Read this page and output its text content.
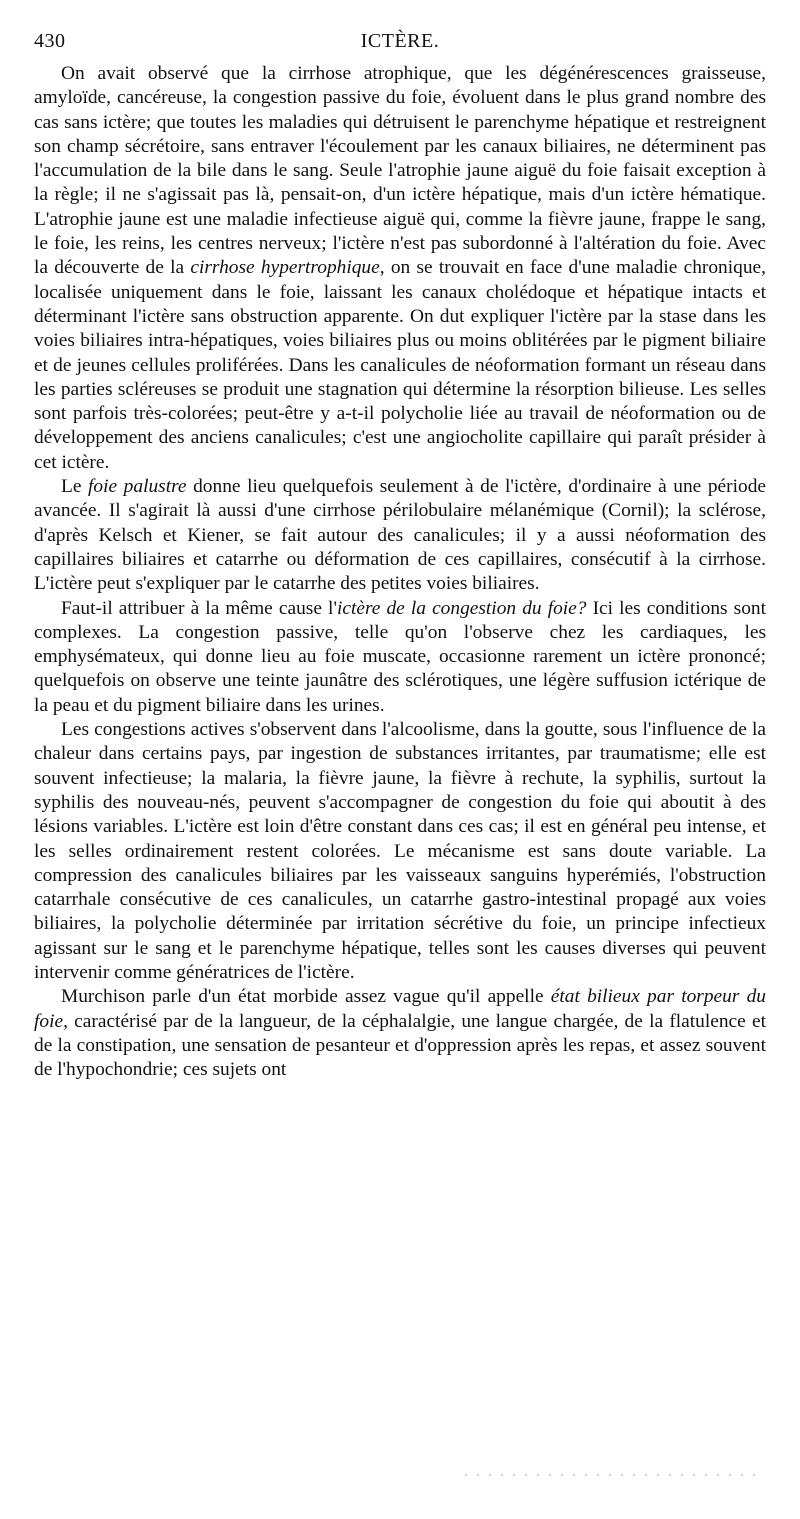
430	ICTÈRE.

On avait observé que la cirrhose atrophique, que les dégénérescences graisseuse, amyloïde, cancéreuse, la congestion passive du foie, évoluent dans le plus grand nombre des cas sans ictère; que toutes les maladies qui détruisent le parenchyme hépatique et restreignent son champ sécrétoire, sans entraver l'écoulement par les canaux biliaires, ne déterminent pas l'accumulation de la bile dans le sang. Seule l'atrophie jaune aiguë du foie faisait exception à la règle; il ne s'agissait pas là, pensait-on, d'un ictère hépatique, mais d'un ictère hématique. L'atrophie jaune est une maladie infectieuse aiguë qui, comme la fièvre jaune, frappe le sang, le foie, les reins, les centres nerveux; l'ictère n'est pas subordonné à l'altération du foie. Avec la découverte de la cirrhose hypertrophique, on se trouvait en face d'une maladie chronique, localisée uniquement dans le foie, laissant les canaux cholédoque et hépatique intacts et déterminant l'ictère sans obstruction apparente. On dut expliquer l'ictère par la stase dans les voies biliaires intra-hépatiques, voies biliaires plus ou moins oblitérées par le pigment biliaire et de jeunes cellules proliférées. Dans les canalicules de néoformation formant un réseau dans les parties scléreuses se produit une stagnation qui détermine la résorption bilieuse. Les selles sont parfois très-colorées; peut-être y a-t-il polycholie liée au travail de néoformation ou de développement des anciens canalicules; c'est une angiocholite capillaire qui paraît présider à cet ictère.

Le foie palustre donne lieu quelquefois seulement à de l'ictère, d'ordinaire à une période avancée. Il s'agirait là aussi d'une cirrhose périlobulaire mélanémique (Cornil); la sclérose, d'après Kelsch et Kiener, se fait autour des canalicules; il y a aussi néoformation des capillaires biliaires et catarrhe ou déformation de ces capillaires, consécutif à la cirrhose. L'ictère peut s'expliquer par le catarrhe des petites voies biliaires.

Faut-il attribuer à la même cause l'ictère de la congestion du foie? Ici les conditions sont complexes. La congestion passive, telle qu'on l'observe chez les cardiaques, les emphysémateux, qui donne lieu au foie muscate, occasionne rarement un ictère prononcé; quelquefois on observe une teinte jaunâtre des sclérotiques, une légère suffusion ictérique de la peau et du pigment biliaire dans les urines.

Les congestions actives s'observent dans l'alcoolisme, dans la goutte, sous l'influence de la chaleur dans certains pays, par ingestion de substances irritantes, par traumatisme; elle est souvent infectieuse; la malaria, la fièvre jaune, la fièvre à rechute, la syphilis, surtout la syphilis des nouveau-nés, peuvent s'accompagner de congestion du foie qui aboutit à des lésions variables. L'ictère est loin d'être constant dans ces cas; il est en général peu intense, et les selles ordinairement restent colorées. Le mécanisme est sans doute variable. La compression des canalicules biliaires par les vaisseaux sanguins hyperémiés, l'obstruction catarrhale consécutive de ces canalicules, un catarrhe gastro-intestinal propagé aux voies biliaires, la polycholie déterminée par irritation sécrétive du foie, un principe infectieux agissant sur le sang et le parenchyme hépatique, telles sont les causes diverses qui peuvent intervenir comme génératrices de l'ictère.

Murchison parle d'un état morbide assez vague qu'il appelle état bilieux par torpeur du foie, caractérisé par de la langueur, de la céphalalgie, une langue chargée, de la flatulence et de la constipation, une sensation de pesanteur et d'oppression après les repas, et assez souvent de l'hypochondrie; ces sujets ont
